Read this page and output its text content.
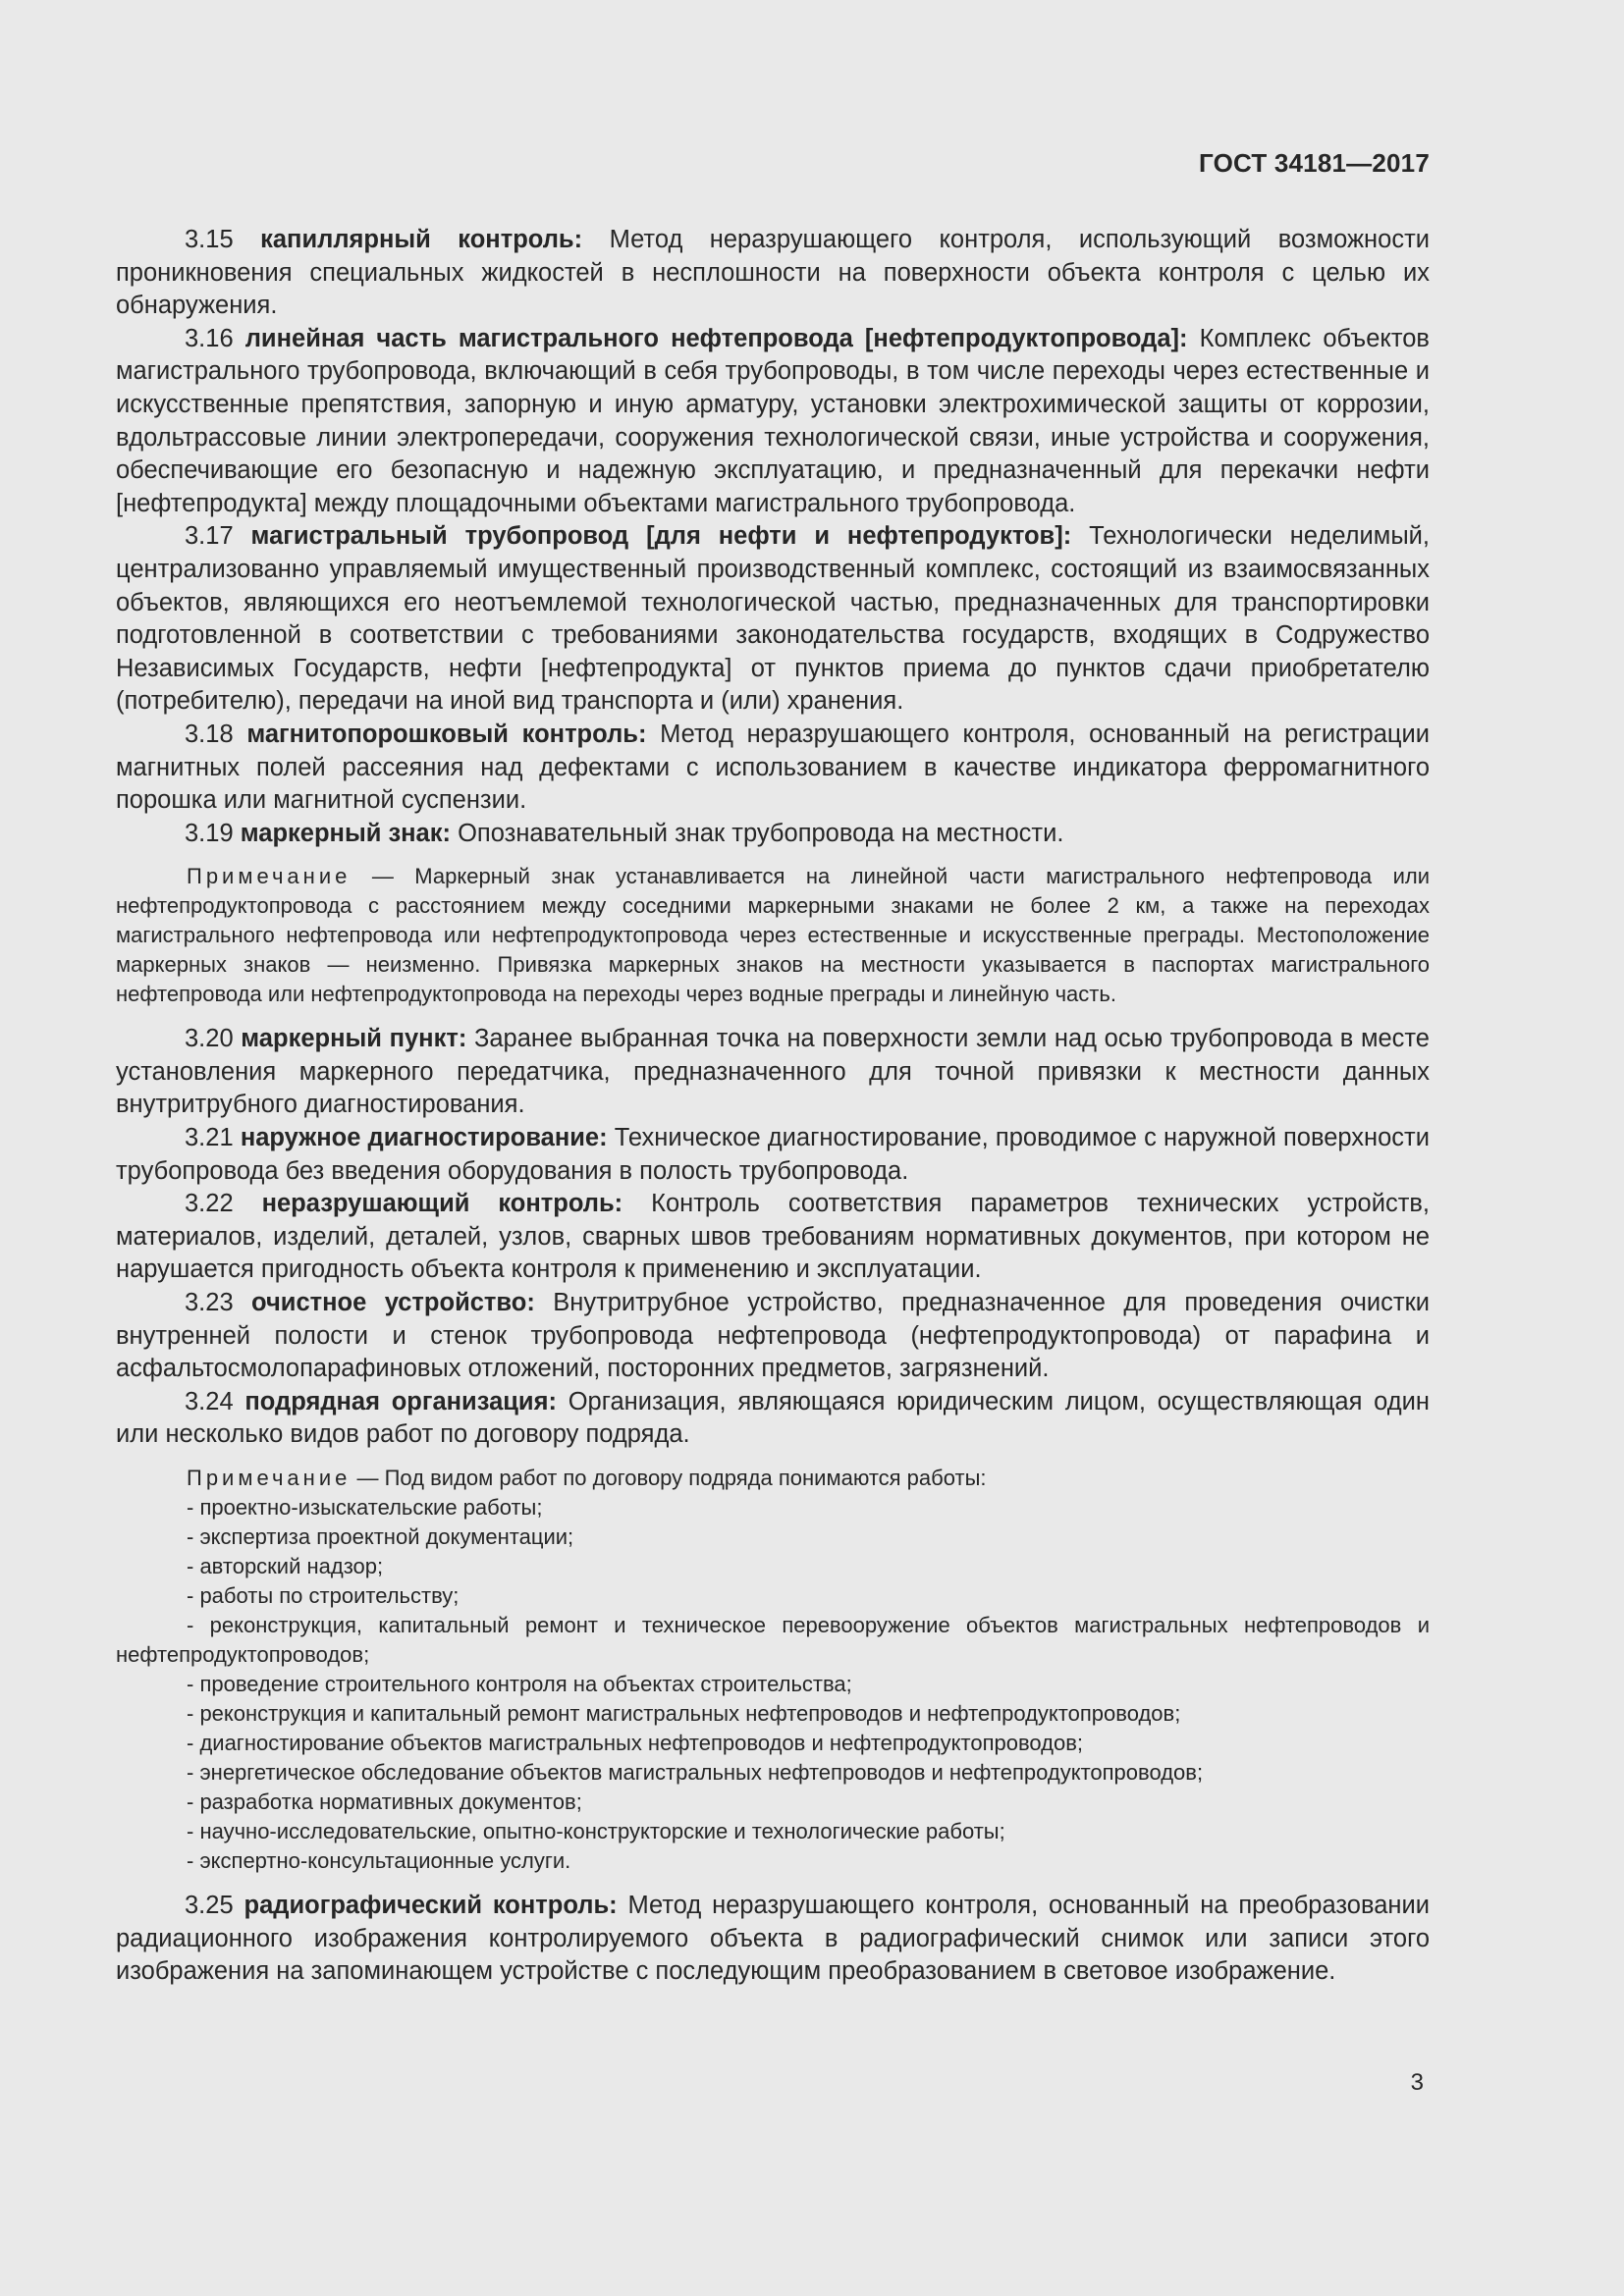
ГОСТ 34181—2017

3.15 капиллярный контроль: Метод неразрушающего контроля, использующий возможности проникновения специальных жидкостей в несплошности на поверхности объекта контроля с целью их обнаружения.

3.16 линейная часть магистрального нефтепровода [нефтепродуктопровода]: Комплекс объектов магистрального трубопровода, включающий в себя трубопроводы, в том числе переходы через естественные и искусственные препятствия, запорную и иную арматуру, установки электрохимической защиты от коррозии, вдольтрассовые линии электропередачи, сооружения технологической связи, иные устройства и сооружения, обеспечивающие его безопасную и надежную эксплуатацию, и предназначенный для перекачки нефти [нефтепродукта] между площадочными объектами магистрального трубопровода.

3.17 магистральный трубопровод [для нефти и нефтепродуктов]: Технологически неделимый, централизованно управляемый имущественный производственный комплекс, состоящий из взаимосвязанных объектов, являющихся его неотъемлемой технологической частью, предназначенных для транспортировки подготовленной в соответствии с требованиями законодательства государств, входящих в Содружество Независимых Государств, нефти [нефтепродукта] от пунктов приема до пунктов сдачи приобретателю (потребителю), передачи на иной вид транспорта и (или) хранения.

3.18 магнитопорошковый контроль: Метод неразрушающего контроля, основанный на регистрации магнитных полей рассеяния над дефектами с использованием в качестве индикатора ферромагнитного порошка или магнитной суспензии.

3.19 маркерный знак: Опознавательный знак трубопровода на местности.

Примечание — Маркерный знак устанавливается на линейной части магистрального нефтепровода или нефтепродуктопровода с расстоянием между соседними маркерными знаками не более 2 км, а также на переходах магистрального нефтепровода или нефтепродуктопровода через естественные и искусственные преграды. Местоположение маркерных знаков — неизменно. Привязка маркерных знаков на местности указывается в паспортах магистрального нефтепровода или нефтепродуктопровода на переходы через водные преграды и линейную часть.

3.20 маркерный пункт: Заранее выбранная точка на поверхности земли над осью трубопровода в месте установления маркерного передатчика, предназначенного для точной привязки к местности данных внутритрубного диагностирования.

3.21 наружное диагностирование: Техническое диагностирование, проводимое с наружной поверхности трубопровода без введения оборудования в полость трубопровода.

3.22 неразрушающий контроль: Контроль соответствия параметров технических устройств, материалов, изделий, деталей, узлов, сварных швов требованиям нормативных документов, при котором не нарушается пригодность объекта контроля к применению и эксплуатации.

3.23 очистное устройство: Внутритрубное устройство, предназначенное для проведения очистки внутренней полости и стенок трубопровода нефтепровода (нефтепродуктопровода) от парафина и асфальтосмолопарафиновых отложений, посторонних предметов, загрязнений.

3.24 подрядная организация: Организация, являющаяся юридическим лицом, осуществляющая один или несколько видов работ по договору подряда.

Примечание — Под видом работ по договору подряда понимаются работы:

- проектно-изыскательские работы;

- экспертиза проектной документации;

- авторский надзор;

- работы по строительству;

- реконструкция, капитальный ремонт и техническое перевооружение объектов магистральных нефтепроводов и нефтепродуктопроводов;

- проведение строительного контроля на объектах строительства;

- реконструкция и капитальный ремонт магистральных нефтепроводов и нефтепродуктопроводов;

- диагностирование объектов магистральных нефтепроводов и нефтепродуктопроводов;

- энергетическое обследование объектов магистральных нефтепроводов и нефтепродуктопроводов;

- разработка нормативных документов;

- научно-исследовательские, опытно-конструкторские и технологические работы;

- экспертно-консультационные услуги.

3.25 радиографический контроль: Метод неразрушающего контроля, основанный на преобразовании радиационного изображения контролируемого объекта в радиографический снимок или записи этого изображения на запоминающем устройстве с последующим преобразованием в световое изображение.

3
